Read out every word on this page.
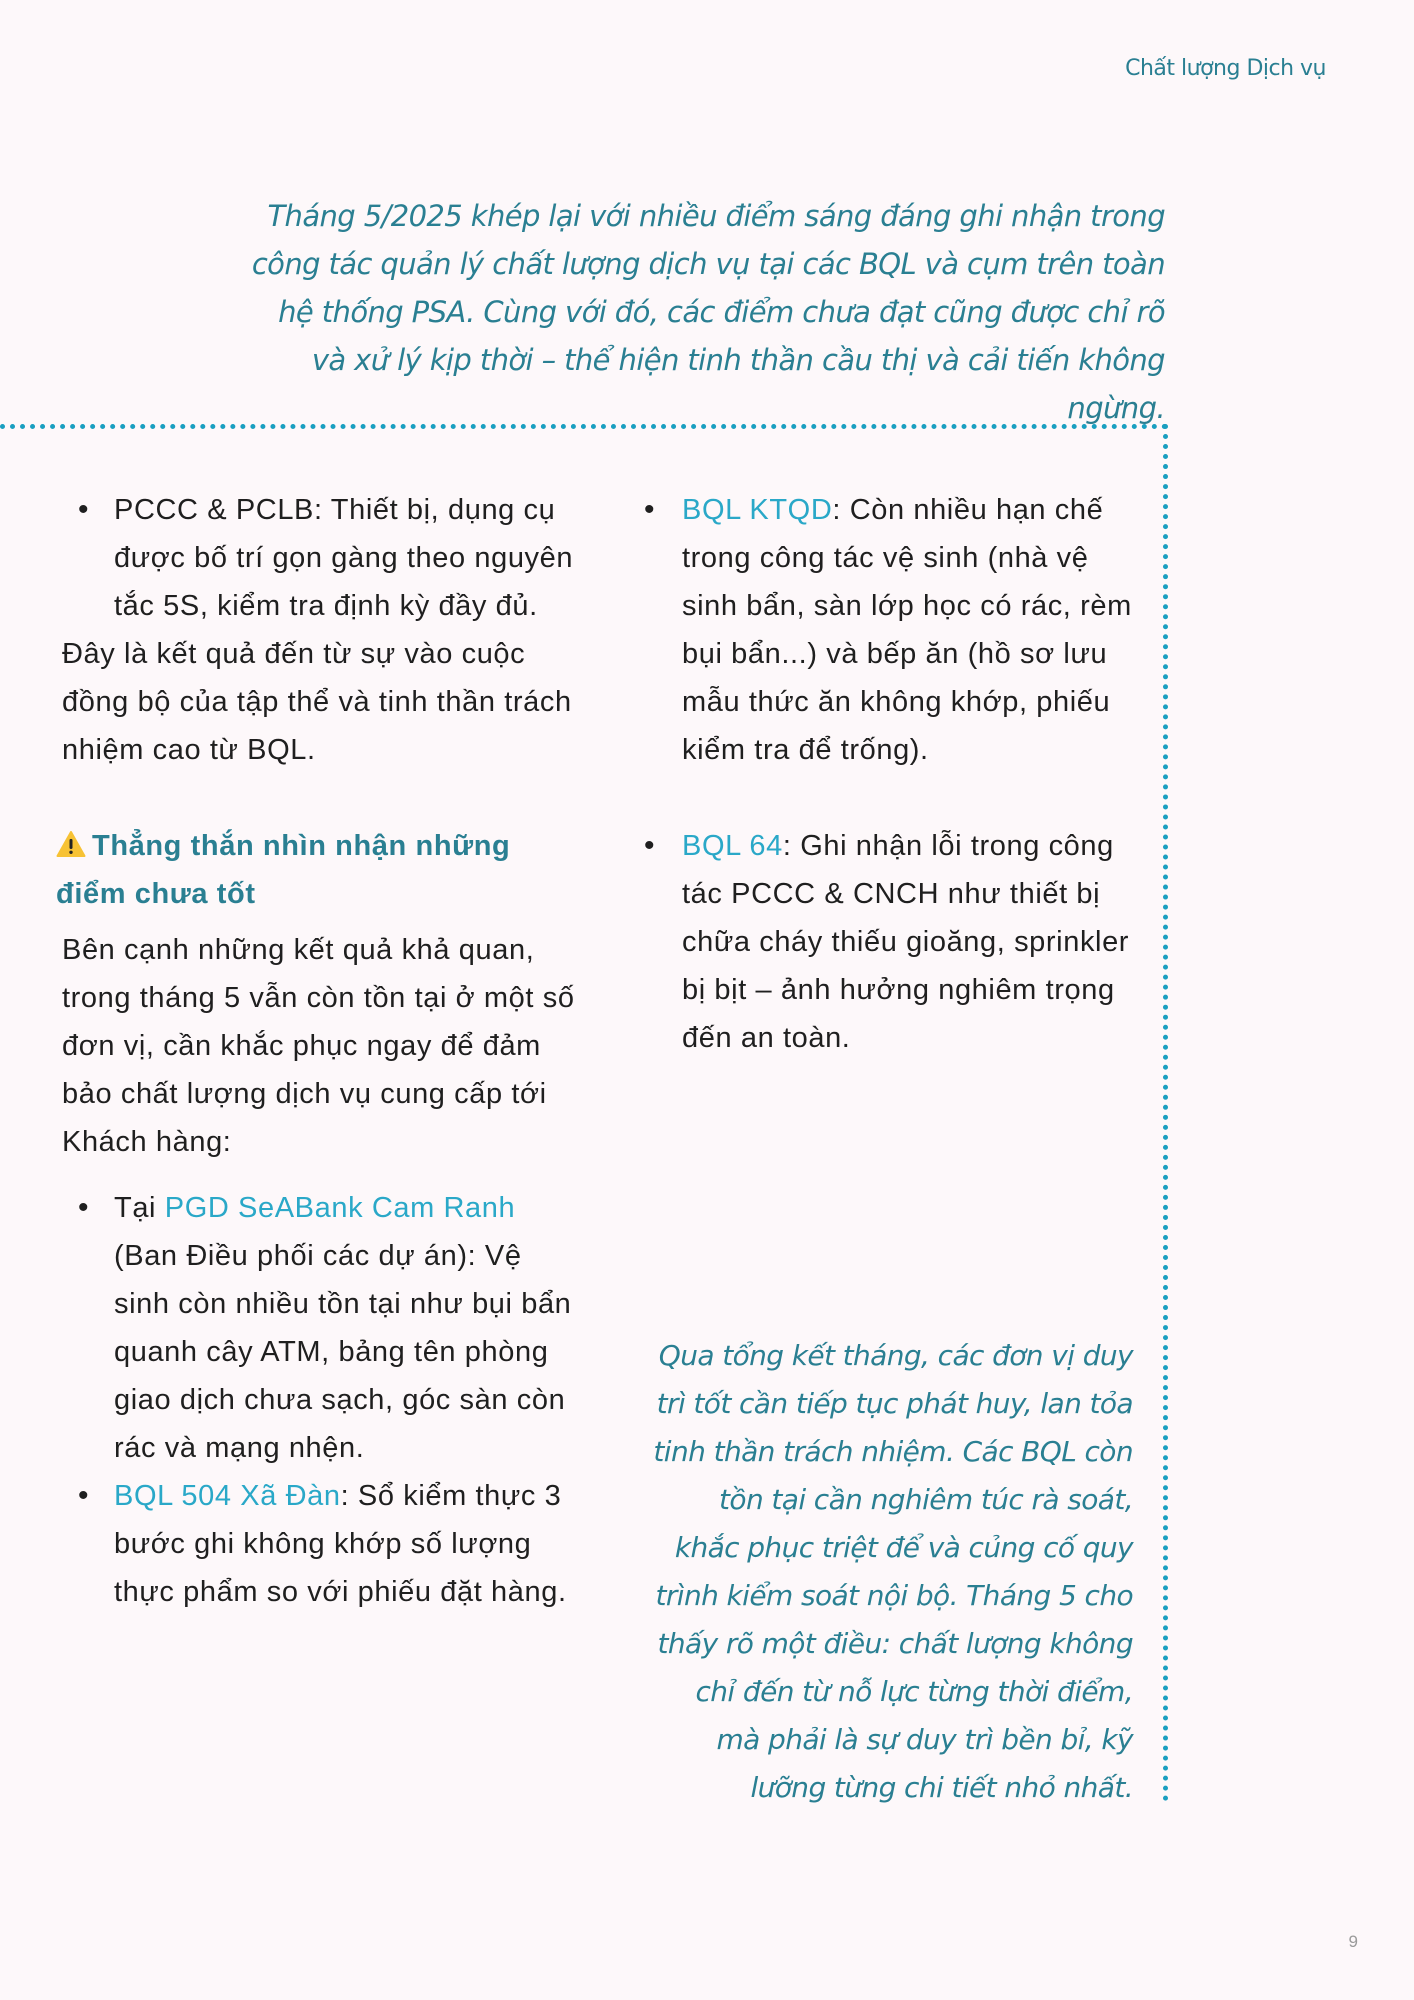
Chất lượng Dịch vụ
Tháng 5/2025 khép lại với nhiều điểm sáng đáng ghi nhận trong công tác quản lý chất lượng dịch vụ tại các BQL và cụm trên toàn hệ thống PSA. Cùng với đó, các điểm chưa đạt cũng được chỉ rõ và xử lý kịp thời – thể hiện tinh thần cầu thị và cải tiến không ngừng.
• PCCC & PCLB: Thiết bị, dụng cụ được bố trí gọn gàng theo nguyên tắc 5S, kiểm tra định kỳ đầy đủ.

Đây là kết quả đến từ sự vào cuộc đồng bộ của tập thể và tinh thần trách nhiệm cao từ BQL.

Thẳng thắn nhìn nhận những điểm chưa tốt

Bên cạnh những kết quả khả quan, trong tháng 5 vẫn còn tồn tại ở một số đơn vị, cần khắc phục ngay để đảm bảo chất lượng dịch vụ cung cấp tới Khách hàng:

• Tại PGD SeABank Cam Ranh (Ban Điều phối các dự án): Vệ sinh còn nhiều tồn tại như bụi bẩn quanh cây ATM, bảng tên phòng giao dịch chưa sạch, góc sàn còn rác và mạng nhện.
• BQL 504 Xã Đàn: Sổ kiểm thực 3 bước ghi không khớp số lượng thực phẩm so với phiếu đặt hàng.
• BQL KTQD: Còn nhiều hạn chế trong công tác vệ sinh (nhà vệ sinh bẩn, sàn lớp học có rác, rèm bụi bẩn...) và bếp ăn (hồ sơ lưu mẫu thức ăn không khớp, phiếu kiểm tra để trống).
• BQL 64: Ghi nhận lỗi trong công tác PCCC & CNCH như thiết bị chữa cháy thiếu gioăng, sprinkler bị bịt – ảnh hưởng nghiêm trọng đến an toàn.
Qua tổng kết tháng, các đơn vị duy trì tốt cần tiếp tục phát huy, lan tỏa tinh thần trách nhiệm. Các BQL còn tồn tại cần nghiêm túc rà soát, khắc phục triệt để và củng cố quy trình kiểm soát nội bộ. Tháng 5 cho thấy rõ một điều: chất lượng không chỉ đến từ nỗ lực từng thời điểm, mà phải là sự duy trì bền bỉ, kỹ lưỡng từng chi tiết nhỏ nhất.
9
